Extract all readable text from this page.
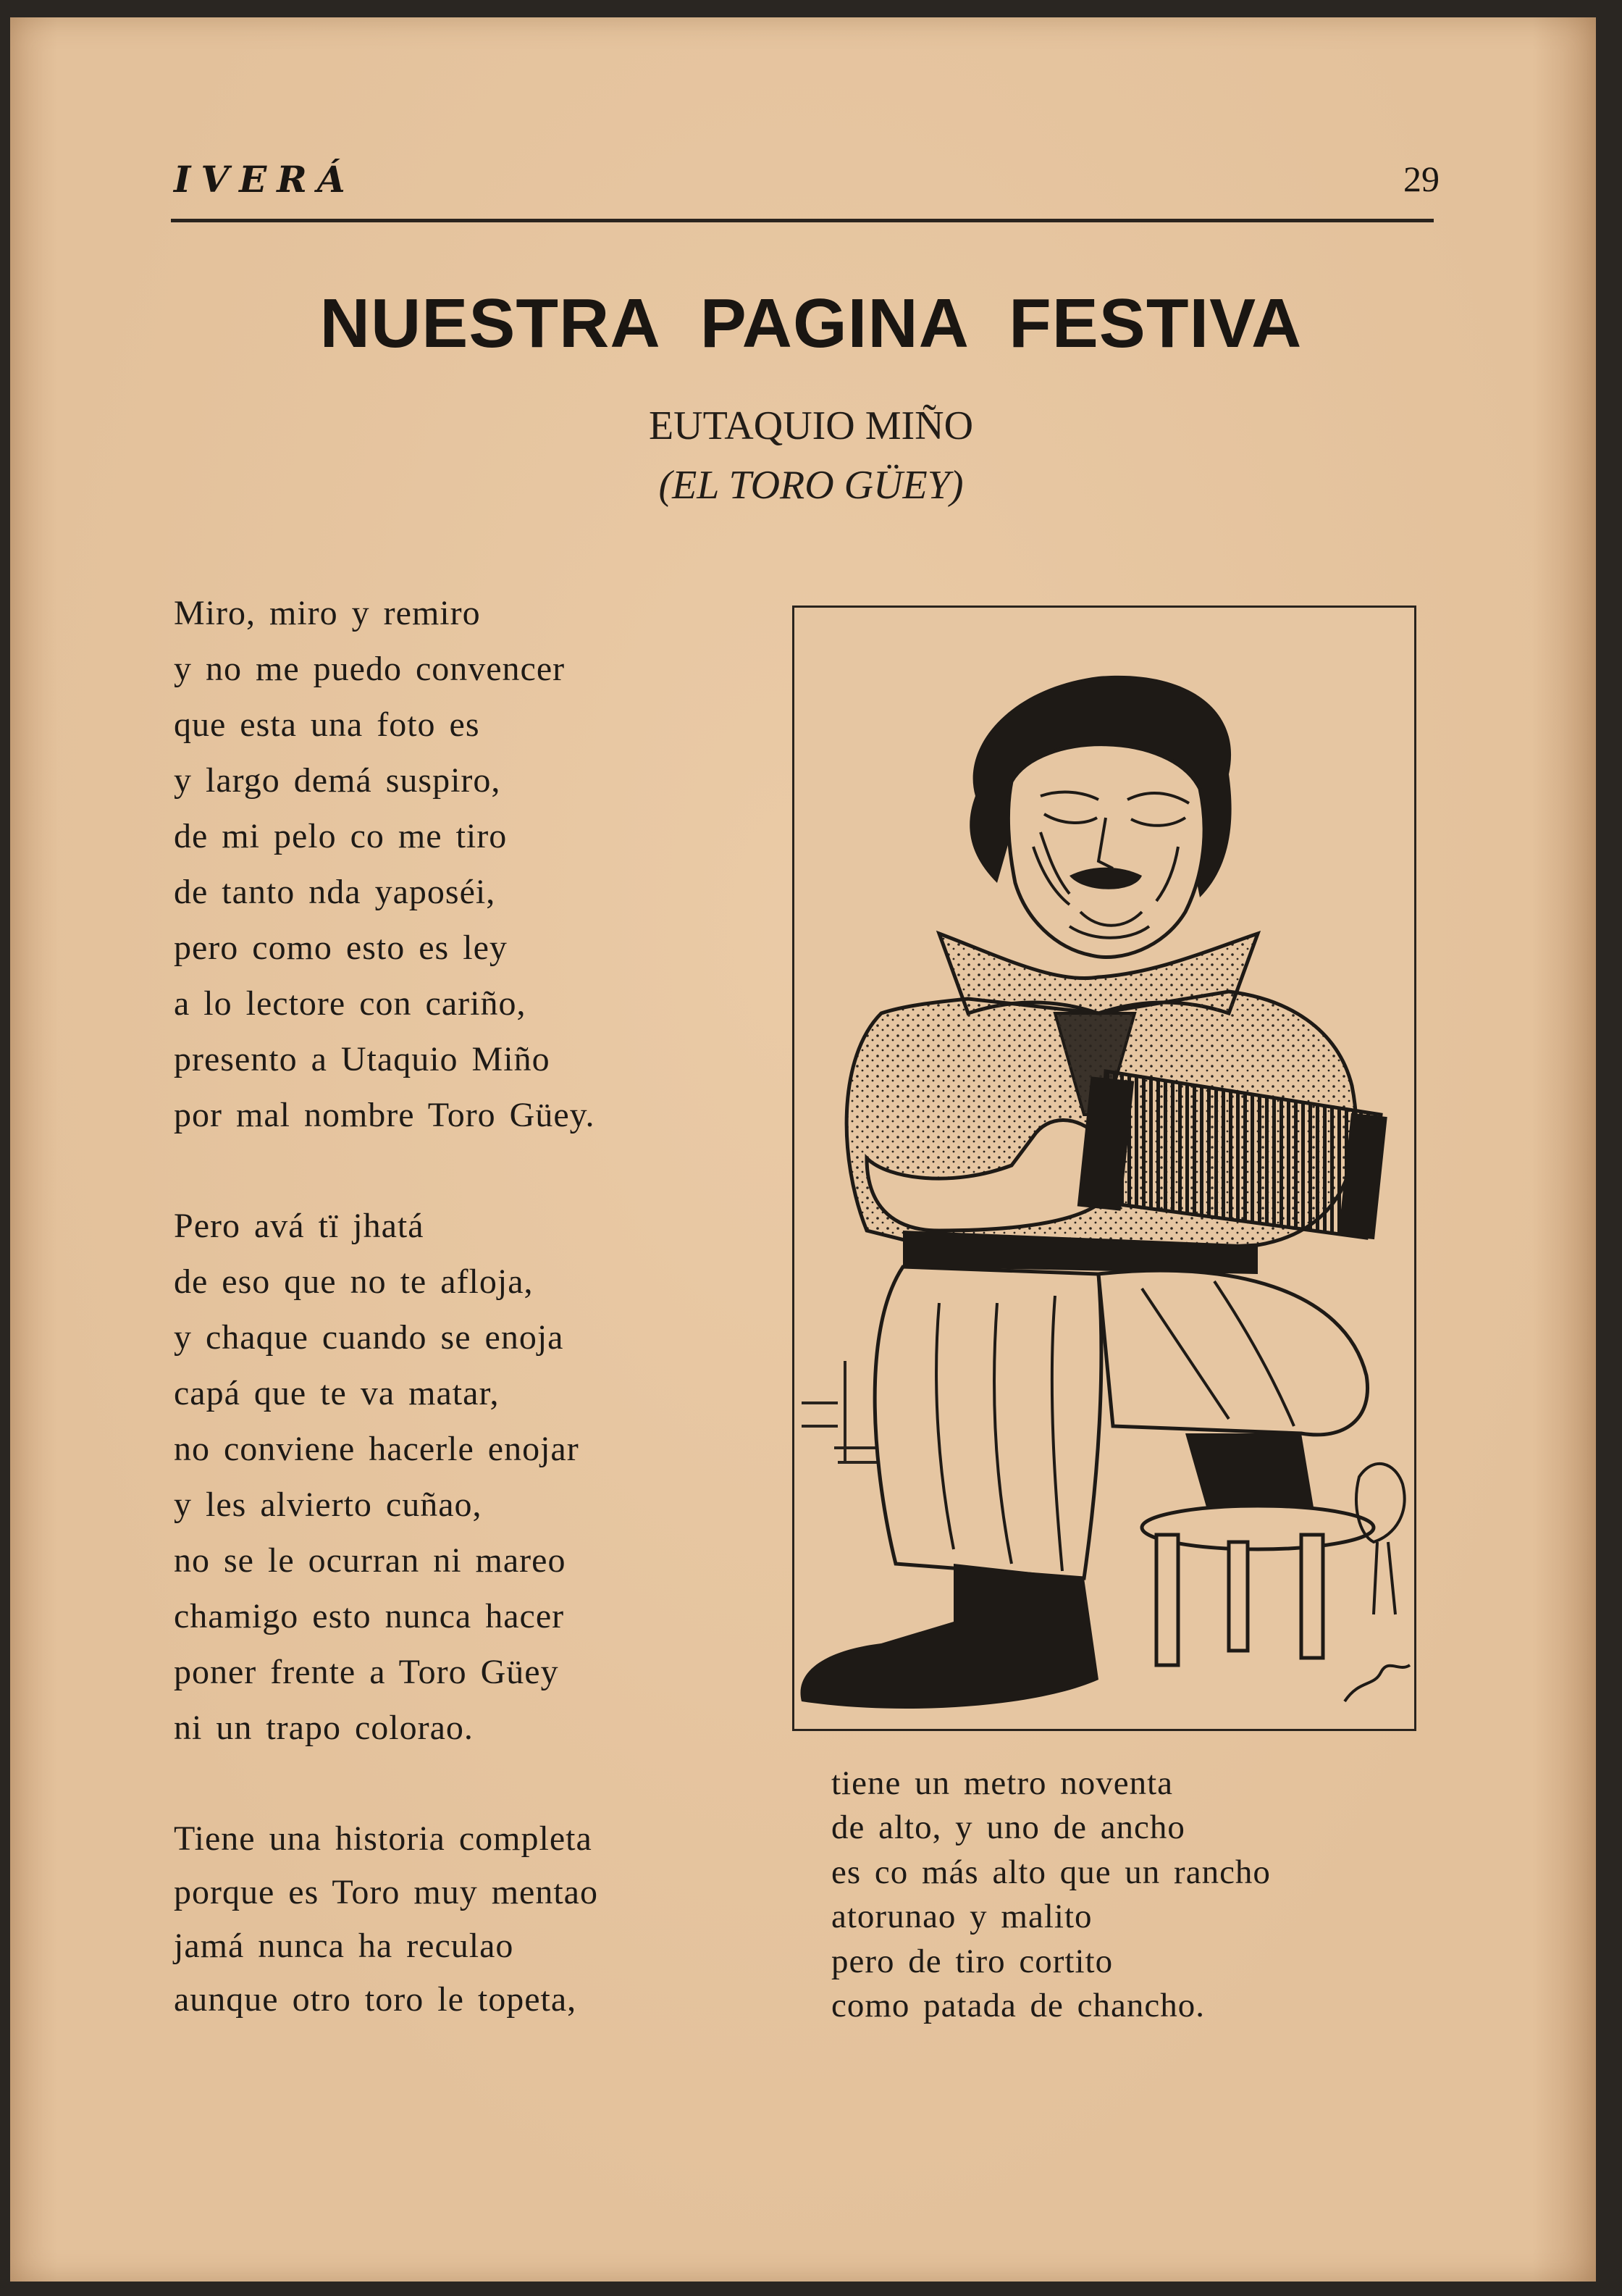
IVERÁ	29
NUESTRA PAGINA FESTIVA
EUTAQUIO MIÑO
(EL TORO GÜEY)
Miro, miro y remiro
y no me puedo convencer
que esta una foto es
y largo demá suspiro,
de mi pelo co me tiro
de tanto nda yaposéi,
pero como esto es ley
a lo lectore con cariño,
presento a Utaquio Miño
por mal nombre Toro Güey.
Pero avá tï jhatá
de eso que no te afloja,
y chaque cuando se enoja
capá que te va matar,
no conviene hacerle enojar
y les alvierto cuñao,
no se le ocurran ni mareo
chamigo esto nunca hacer
poner frente a Toro Güey
ni un trapo colorao.
Tiene una historia completa
porque es Toro muy mentao
jamá nunca ha reculao
aunque otro toro le topeta,
tiene un metro noventa
de alto, y uno de ancho
es co más alto que un rancho
atorunao y malito
pero de tiro cortito
como patada de chancho.
